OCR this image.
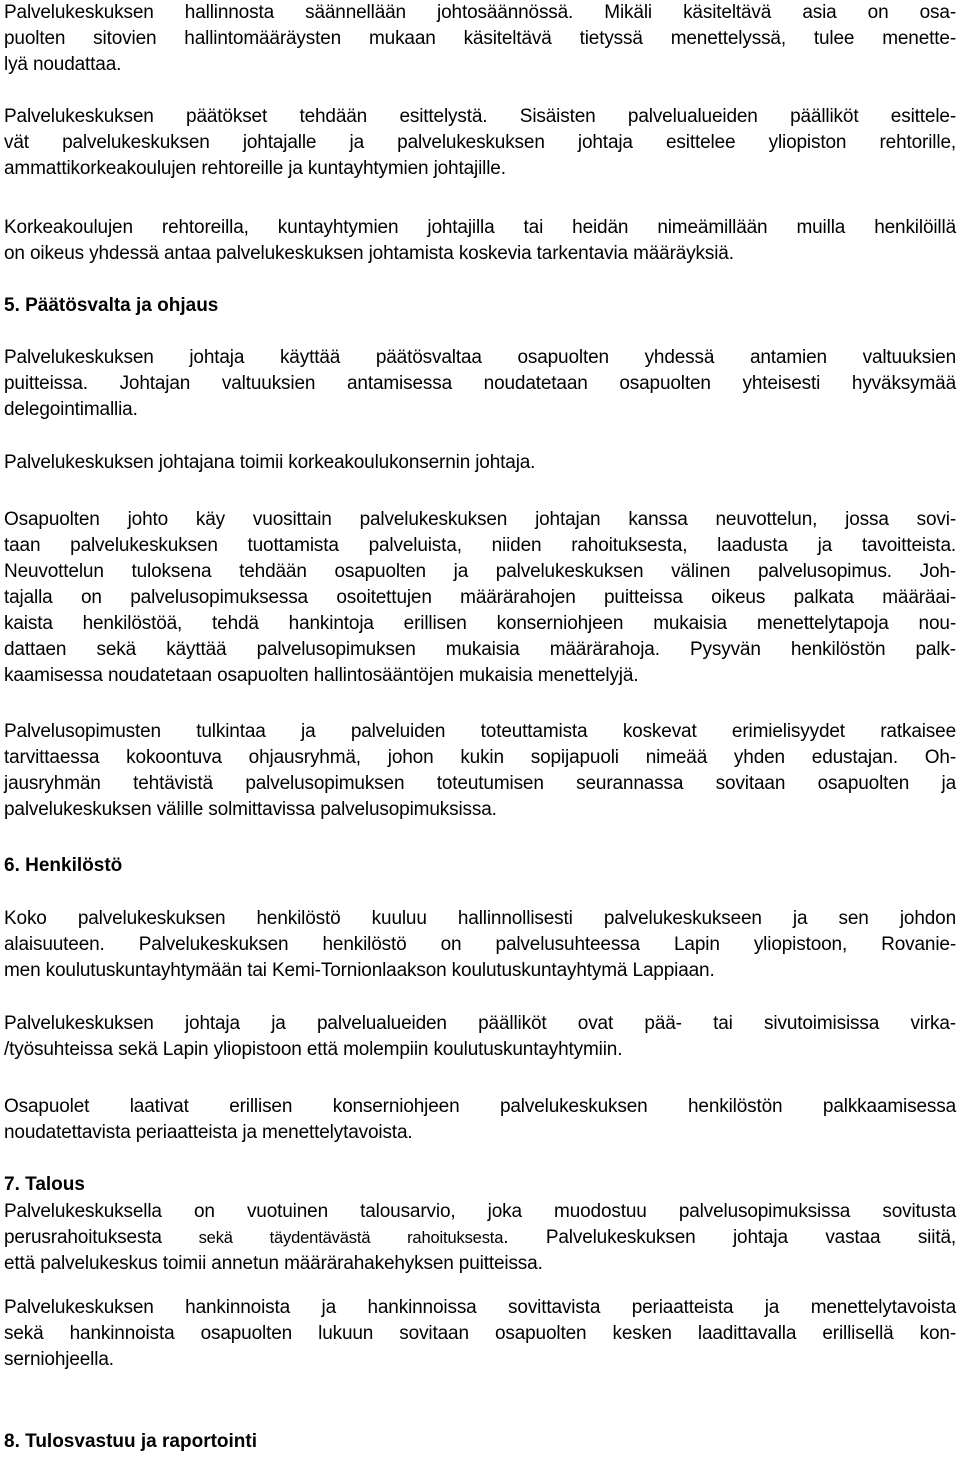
Palvelukeskuksen hallinnosta säännellään johtosäännössä. Mikäli käsiteltävä asia on osa-
puolten sitovien hallintomääräysten mukaan käsiteltävä tietyssä menettelyssä, tulee menette-
lyä noudattaa.

Palvelukeskuksen päätökset tehdään esittelystä. Sisäisten palvelualueiden päälliköt esittele-
vät palvelukeskuksen johtajalle ja palvelukeskuksen johtaja esittelee yliopiston rehtorille,
ammattikorkeakoulujen rehtoreille ja kuntayhtymien johtajille.

Korkeakoulujen rehtoreilla, kuntayhtymien johtajilla tai heidän nimeämillään muilla henkilöillä
on oikeus yhdessä antaa palvelukeskuksen johtamista koskevia tarkentavia määräyksiä.

5. Päätösvalta ja ohjaus

Palvelukeskuksen johtaja käyttää päätösvaltaa osapuolten yhdessä antamien valtuuksien
puitteissa. Johtajan valtuuksien antamisessa noudatetaan osapuolten yhteisesti hyväksymää
delegointimallia.

Palvelukeskuksen johtajana toimii korkeakoulukonsernin johtaja.

Osapuolten johto käy vuosittain palvelukeskuksen johtajan kanssa neuvottelun, jossa sovi-
taan palvelukeskuksen tuottamista palveluista, niiden rahoituksesta, laadusta ja tavoitteista.
Neuvottelun tuloksena tehdään osapuolten ja palvelukeskuksen välinen palvelusopimus. Joh-
tajalla on palvelusopimuksessa osoitettujen määrärahojen puitteissa oikeus palkata määräai-
kaista henkilöstöä, tehdä hankintoja erillisen konserniohjeen mukaisia menettelytapoja nou-
dattaen sekä käyttää palvelusopimuksen mukaisia määrärahoja. Pysyvän henkilöstön palk-
kaamisessa noudatetaan osapuolten hallintosääntöjen mukaisia menettelyjä.

Palvelusopimusten tulkintaa ja palveluiden toteuttamista koskevat erimielisyydet ratkaisee
tarvittaessa kokoontuva ohjausryhmä, johon kukin sopijapuoli nimeää yhden edustajan. Oh-
jausryhmän tehtävistä palvelusopimuksen toteutumisen seurannassa sovitaan osapuolten ja
palvelukeskuksen välille solmittavissa palvelusopimuksissa.

6. Henkilöstö

Koko palvelukeskuksen henkilöstö kuuluu hallinnollisesti palvelukeskukseen ja sen johdon
alaisuuteen. Palvelukeskuksen henkilöstö on palvelusuhteessa Lapin yliopistoon, Rovanie-
men koulutuskuntayhtymään tai Kemi-Tornionlaakson koulutuskuntayhtymä Lappiaan.

Palvelukeskuksen johtaja ja palvelualueiden päälliköt ovat pää- tai sivutoimisissa virka-
/työsuhteissa sekä Lapin yliopistoon että molempiin koulutuskuntayhtymiin.

Osapuolet laativat erillisen konserniohjeen palvelukeskuksen henkilöstön palkkaamisessa
noudatettavista periaatteista ja menettelytavoista.

7. Talous

Palvelukeskuksella on vuotuinen talousarvio, joka muodostuu palvelusopimuksissa sovitusta
perusrahoituksesta sekä täydentävästä rahoituksesta. Palvelukeskuksen johtaja vastaa siitä,
että palvelukeskus toimii annetun määrärahakehyksen puitteissa.

Palvelukeskuksen hankinnoista ja hankinnoissa sovittavista periaatteista ja menettelytavoista
sekä hankinnoista osapuolten lukuun sovitaan osapuolten kesken laadittavalla erillisellä kon-
serniohjeella.

8. Tulosvastuu ja raportointi
